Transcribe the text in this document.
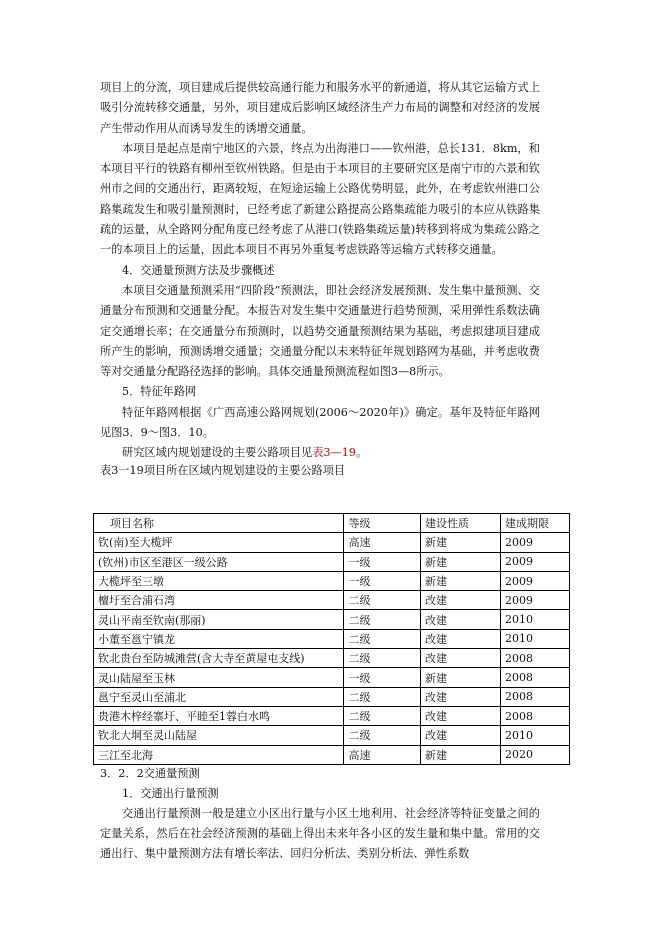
项目上的分流，项目建成后提供较高通行能力和服务水平的新通道，将从其它运输方式上吸引分流转移交通量，另外，项目建成后影响区域经济生产力布局的调整和对经济的发展产生带动作用从而诱导发生的诱增交通量。

本项目是起点是南宁地区的六景，终点为出海港口——钦州港，总长131．8km，和本项目平行的铁路有柳州至钦州铁路。但是由于本项目的主要研究区是南宁市的六景和钦州市之间的交通出行，距离较短，在短途运输上公路优势明显，此外，在考虑钦州港口公路集疏发生和吸引量预测时，已经考虑了新建公路提高公路集疏能力吸引的本应从铁路集疏的运量，从全路网分配角度已经考虑了从港口(铁路集疏运量)转移到将成为集疏公路之一的本项目上的运量，因此本项目不再另外重复考虑铁路等运输方式转移交通量。

4．交通量预测方法及步骤概述

本项目交通量预测采用“四阶段”预测法，即社会经济发展预测、发生集中量预测、交通量分布预测和交通量分配。本报告对发生集中交通量进行趋势预测，采用弹性系数法确定交通增长率；在交通量分布预测时，以趋势交通量预测结果为基础，考虑拟建项目建成所产生的影响，预测诱增交通量；交通量分配以未来特征年规划路网为基础，并考虑收费等对交通量分配路径选择的影响。具体交通量预测流程如图3—8所示。

5．特征年路网

特征年路网根据《广西高速公路网规划(2006～2020年)》确定。基年及特征年路网见图3．9～图3．10。

研究区域内规划建设的主要公路项目见表3—19。

表3一19项目所在区域内规划建设的主要公路项目
项目名称	等级	建设性质	建成期限
钦(南)至大榄坪	高速	新建	2009
(钦州)市区至港区一级公路	一级	新建	2009
大榄坪至三墩	一级	新建	2009
檀圩至合浦石湾	二级	改建	2009
灵山平南至钦南(那丽)	二级	改建	2010
小董至邕宁镇龙	二级	改建	2010
钦北贵台至防城滩营(含大寺至黄屋屯支线)	二级	改建	2008
灵山陆屋至玉林	一级	新建	2008
邕宁至灵山至浦北	二级	改建	2008
贵港木梓经寨圩、平睦至1蓉白水鸣	二级	改建	2008
钦北大垌至灵山陆屋	二级	改建	2010
三江至北海	高速	新建	2020

3．2．2交通量预测

1．交通出行量预测

交通出行量预测一般是建立小区出行量与小区土地利用、社会经济等特征变量之间的定量关系，然后在社会经济预测的基础上得出未来年各小区的发生量和集中量。常用的交通出行、集中量预测方法有增长率法、回归分析法、类别分析法、弹性系数
